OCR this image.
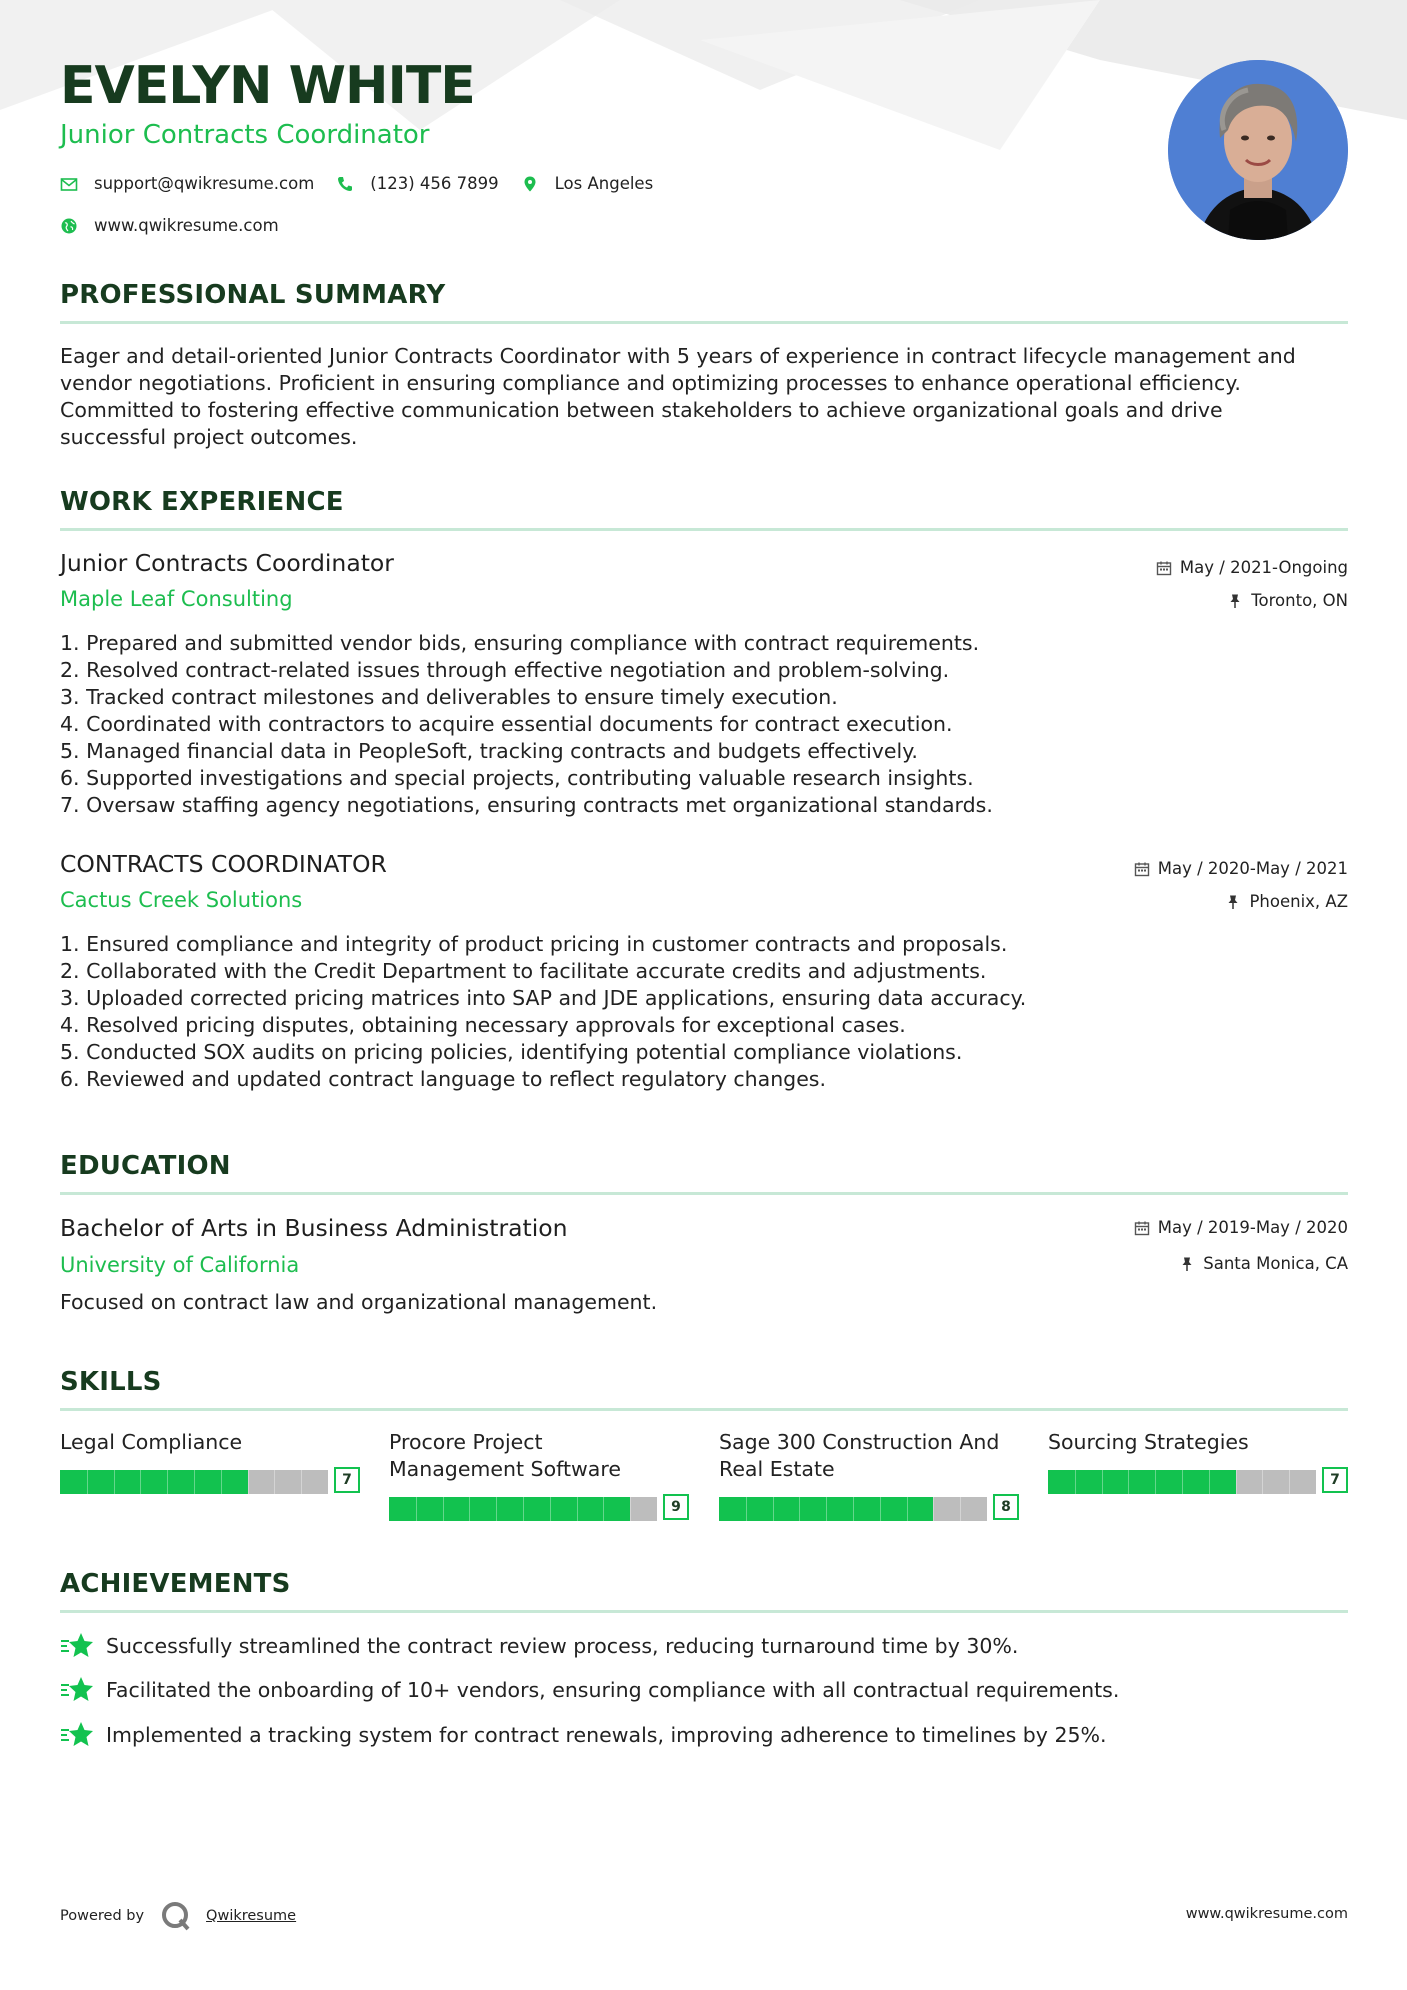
EVELYN WHITE
Junior Contracts Coordinator
support@qwikresume.com	(123) 456 7899	Los Angeles
www.qwikresume.com
PROFESSIONAL SUMMARY
Eager and detail-oriented Junior Contracts Coordinator with 5 years of experience in contract lifecycle management and
vendor negotiations. Proficient in ensuring compliance and optimizing processes to enhance operational efficiency.
Committed to fostering effective communication between stakeholders to achieve organizational goals and drive
successful project outcomes.
WORK EXPERIENCE
Junior Contracts Coordinator
Maple Leaf Consulting
May / 2021-Ongoing
Toronto, ON
1. Prepared and submitted vendor bids, ensuring compliance with contract requirements.
2. Resolved contract-related issues through effective negotiation and problem-solving.
3. Tracked contract milestones and deliverables to ensure timely execution.
4. Coordinated with contractors to acquire essential documents for contract execution.
5. Managed financial data in PeopleSoft, tracking contracts and budgets effectively.
6. Supported investigations and special projects, contributing valuable research insights.
7. Oversaw staffing agency negotiations, ensuring contracts met organizational standards.
CONTRACTS COORDINATOR
Cactus Creek Solutions
May / 2020-May / 2021
Phoenix, AZ
1. Ensured compliance and integrity of product pricing in customer contracts and proposals.
2. Collaborated with the Credit Department to facilitate accurate credits and adjustments.
3. Uploaded corrected pricing matrices into SAP and JDE applications, ensuring data accuracy.
4. Resolved pricing disputes, obtaining necessary approvals for exceptional cases.
5. Conducted SOX audits on pricing policies, identifying potential compliance violations.
6. Reviewed and updated contract language to reflect regulatory changes.
EDUCATION
Bachelor of Arts in Business Administration
University of California
May / 2019-May / 2020
Santa Monica, CA
Focused on contract law and organizational management.
SKILLS
Legal Compliance
7
Procore Project
Management Software
9
Sage 300 Construction And
Real Estate
8
Sourcing Strategies
7
ACHIEVEMENTS
Successfully streamlined the contract review process, reducing turnaround time by 30%.
Facilitated the onboarding of 10+ vendors, ensuring compliance with all contractual requirements.
Implemented a tracking system for contract renewals, improving adherence to timelines by 25%.
Powered by	Qwikresume	www.qwikresume.com
